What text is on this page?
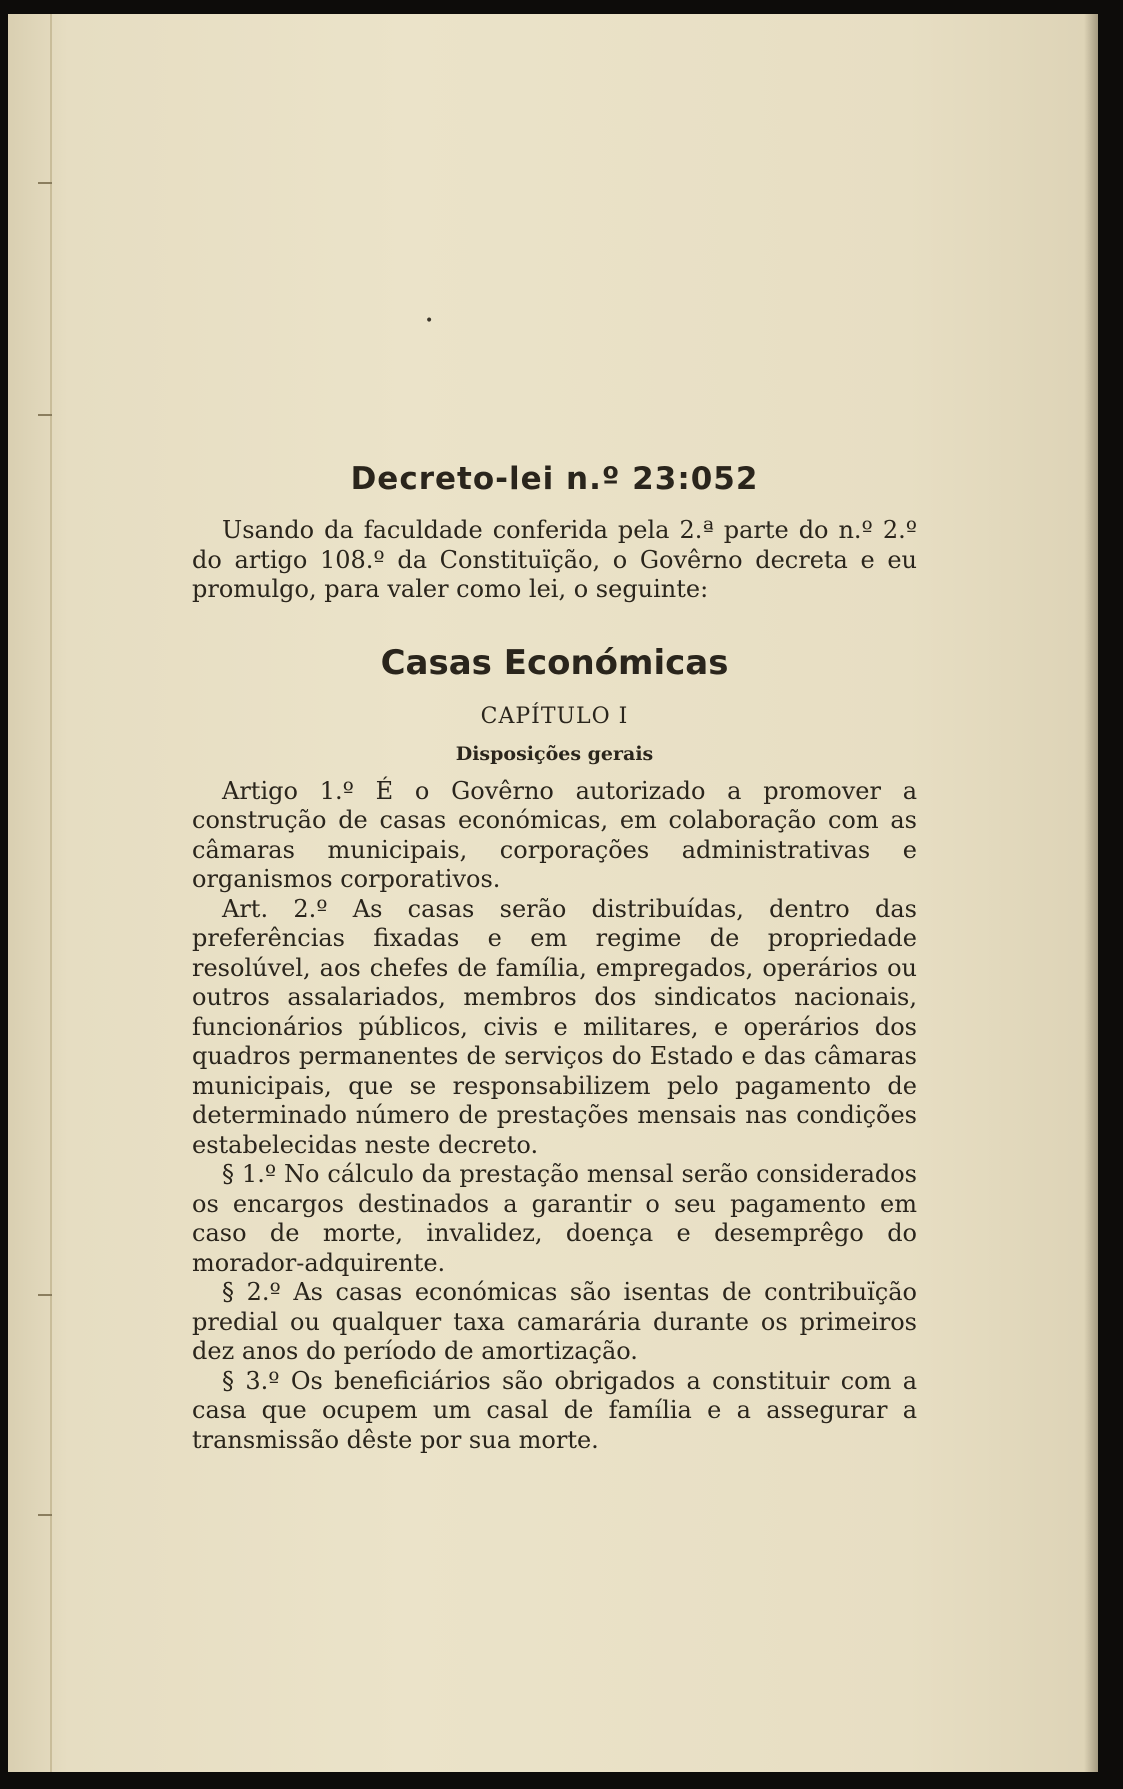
•
Decreto-lei n.º 23:052

Usando da faculdade conferida pela 2.ª parte do n.º 2.º do artigo 108.º da Constituïção, o Govêrno decreta e eu promulgo, para valer como lei, o seguinte:

Casas Económicas
CAPÍTULO I
Disposições gerais

Artigo 1.º É o Govêrno autorizado a promover a construção de casas económicas, em colaboração com as câmaras municipais, corporações administrativas e organismos corporativos.

Art. 2.º As casas serão distribuídas, dentro das preferências fixadas e em regime de propriedade resolúvel, aos chefes de família, empregados, operários ou outros assalariados, membros dos sindicatos nacionais, funcionários públicos, civis e militares, e operários dos quadros permanentes de serviços do Estado e das câmaras municipais, que se responsabilizem pelo pagamento de determinado número de prestações mensais nas condições estabelecidas neste decreto.

§ 1.º No cálculo da prestação mensal serão considerados os encargos destinados a garantir o seu pagamento em caso de morte, invalidez, doença e desemprêgo do morador-adquirente.

§ 2.º As casas económicas são isentas de contribuïção predial ou qualquer taxa camarária durante os primeiros dez anos do período de amortização.

§ 3.º Os beneficiários são obrigados a constituir com a casa que ocupem um casal de família e a assegurar a transmissão dêste por sua morte.
